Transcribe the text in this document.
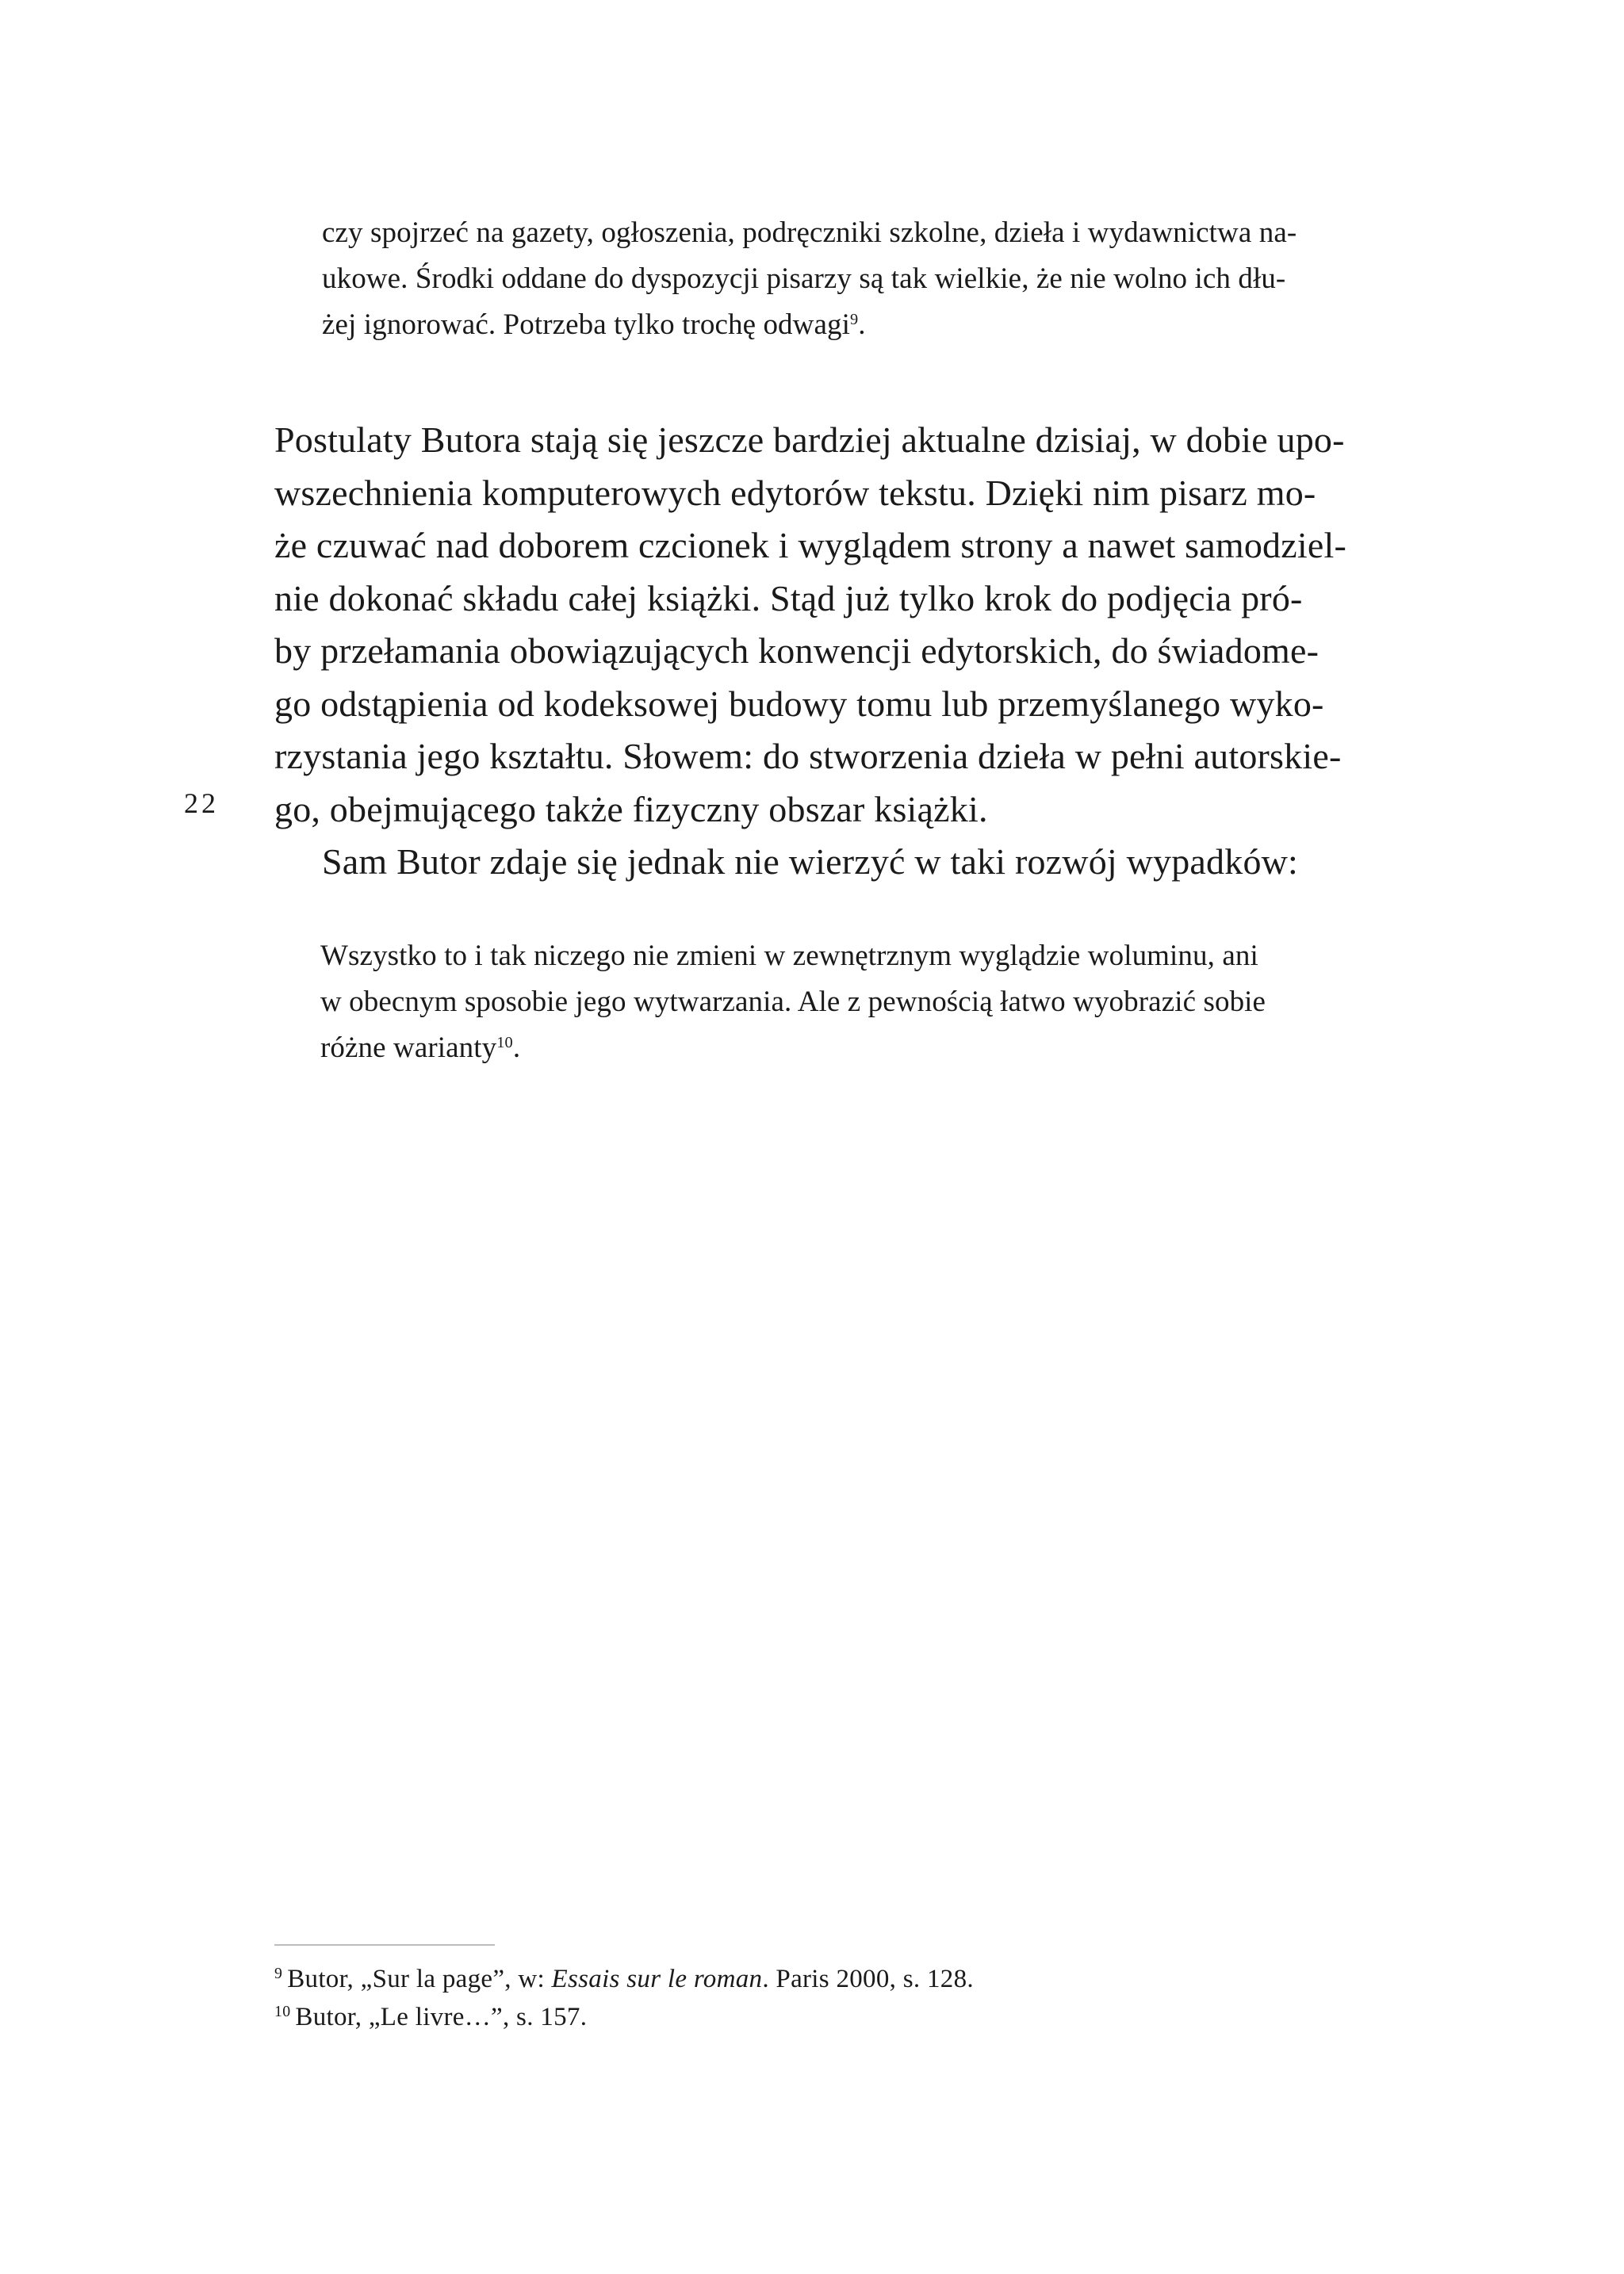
czy spojrzeć na gazety, ogłoszenia, podręczniki szkolne, dzieła i wydawnictwa na-
ukowe. Środki oddane do dyspozycji pisarzy są tak wielkie, że nie wolno ich dłu-
żej ignorować. Potrzeba tylko trochę odwagi$^9$.
Postulaty Butora stają się jeszcze bardziej aktualne dzisiaj, w dobie upo-
wszechnienia komputerowych edytorów tekstu. Dzięki nim pisarz mo-
że czuwać nad doborem czcionek i wyglądem strony a nawet samodziel-
nie dokonać składu całej książki. Stąd już tylko krok do podjęcia pró-
by przełamania obowiązujących konwencji edytorskich, do świadome-
go odstąpienia od kodeksowej budowy tomu lub przemyślanego wyko-
rzystania jego kształtu. Słowem: do stworzenia dzieła w pełni autorskie-
go, obejmującego także fizyczny obszar książki.
22
Sam Butor zdaje się jednak nie wierzyć w taki rozwój wypadków:
Wszystko to i tak niczego nie zmieni w zewnętrznym wyglądzie woluminu, ani
w obecnym sposobie jego wytwarzania. Ale z pewnością łatwo wyobrazić sobie
różne warianty$^{10}$.
$^9$ Butor, „Sur la page”, w: Essais sur le roman. Paris 2000, s. 128.
$^{10}$ Butor, „Le livre…”, s. 157.
